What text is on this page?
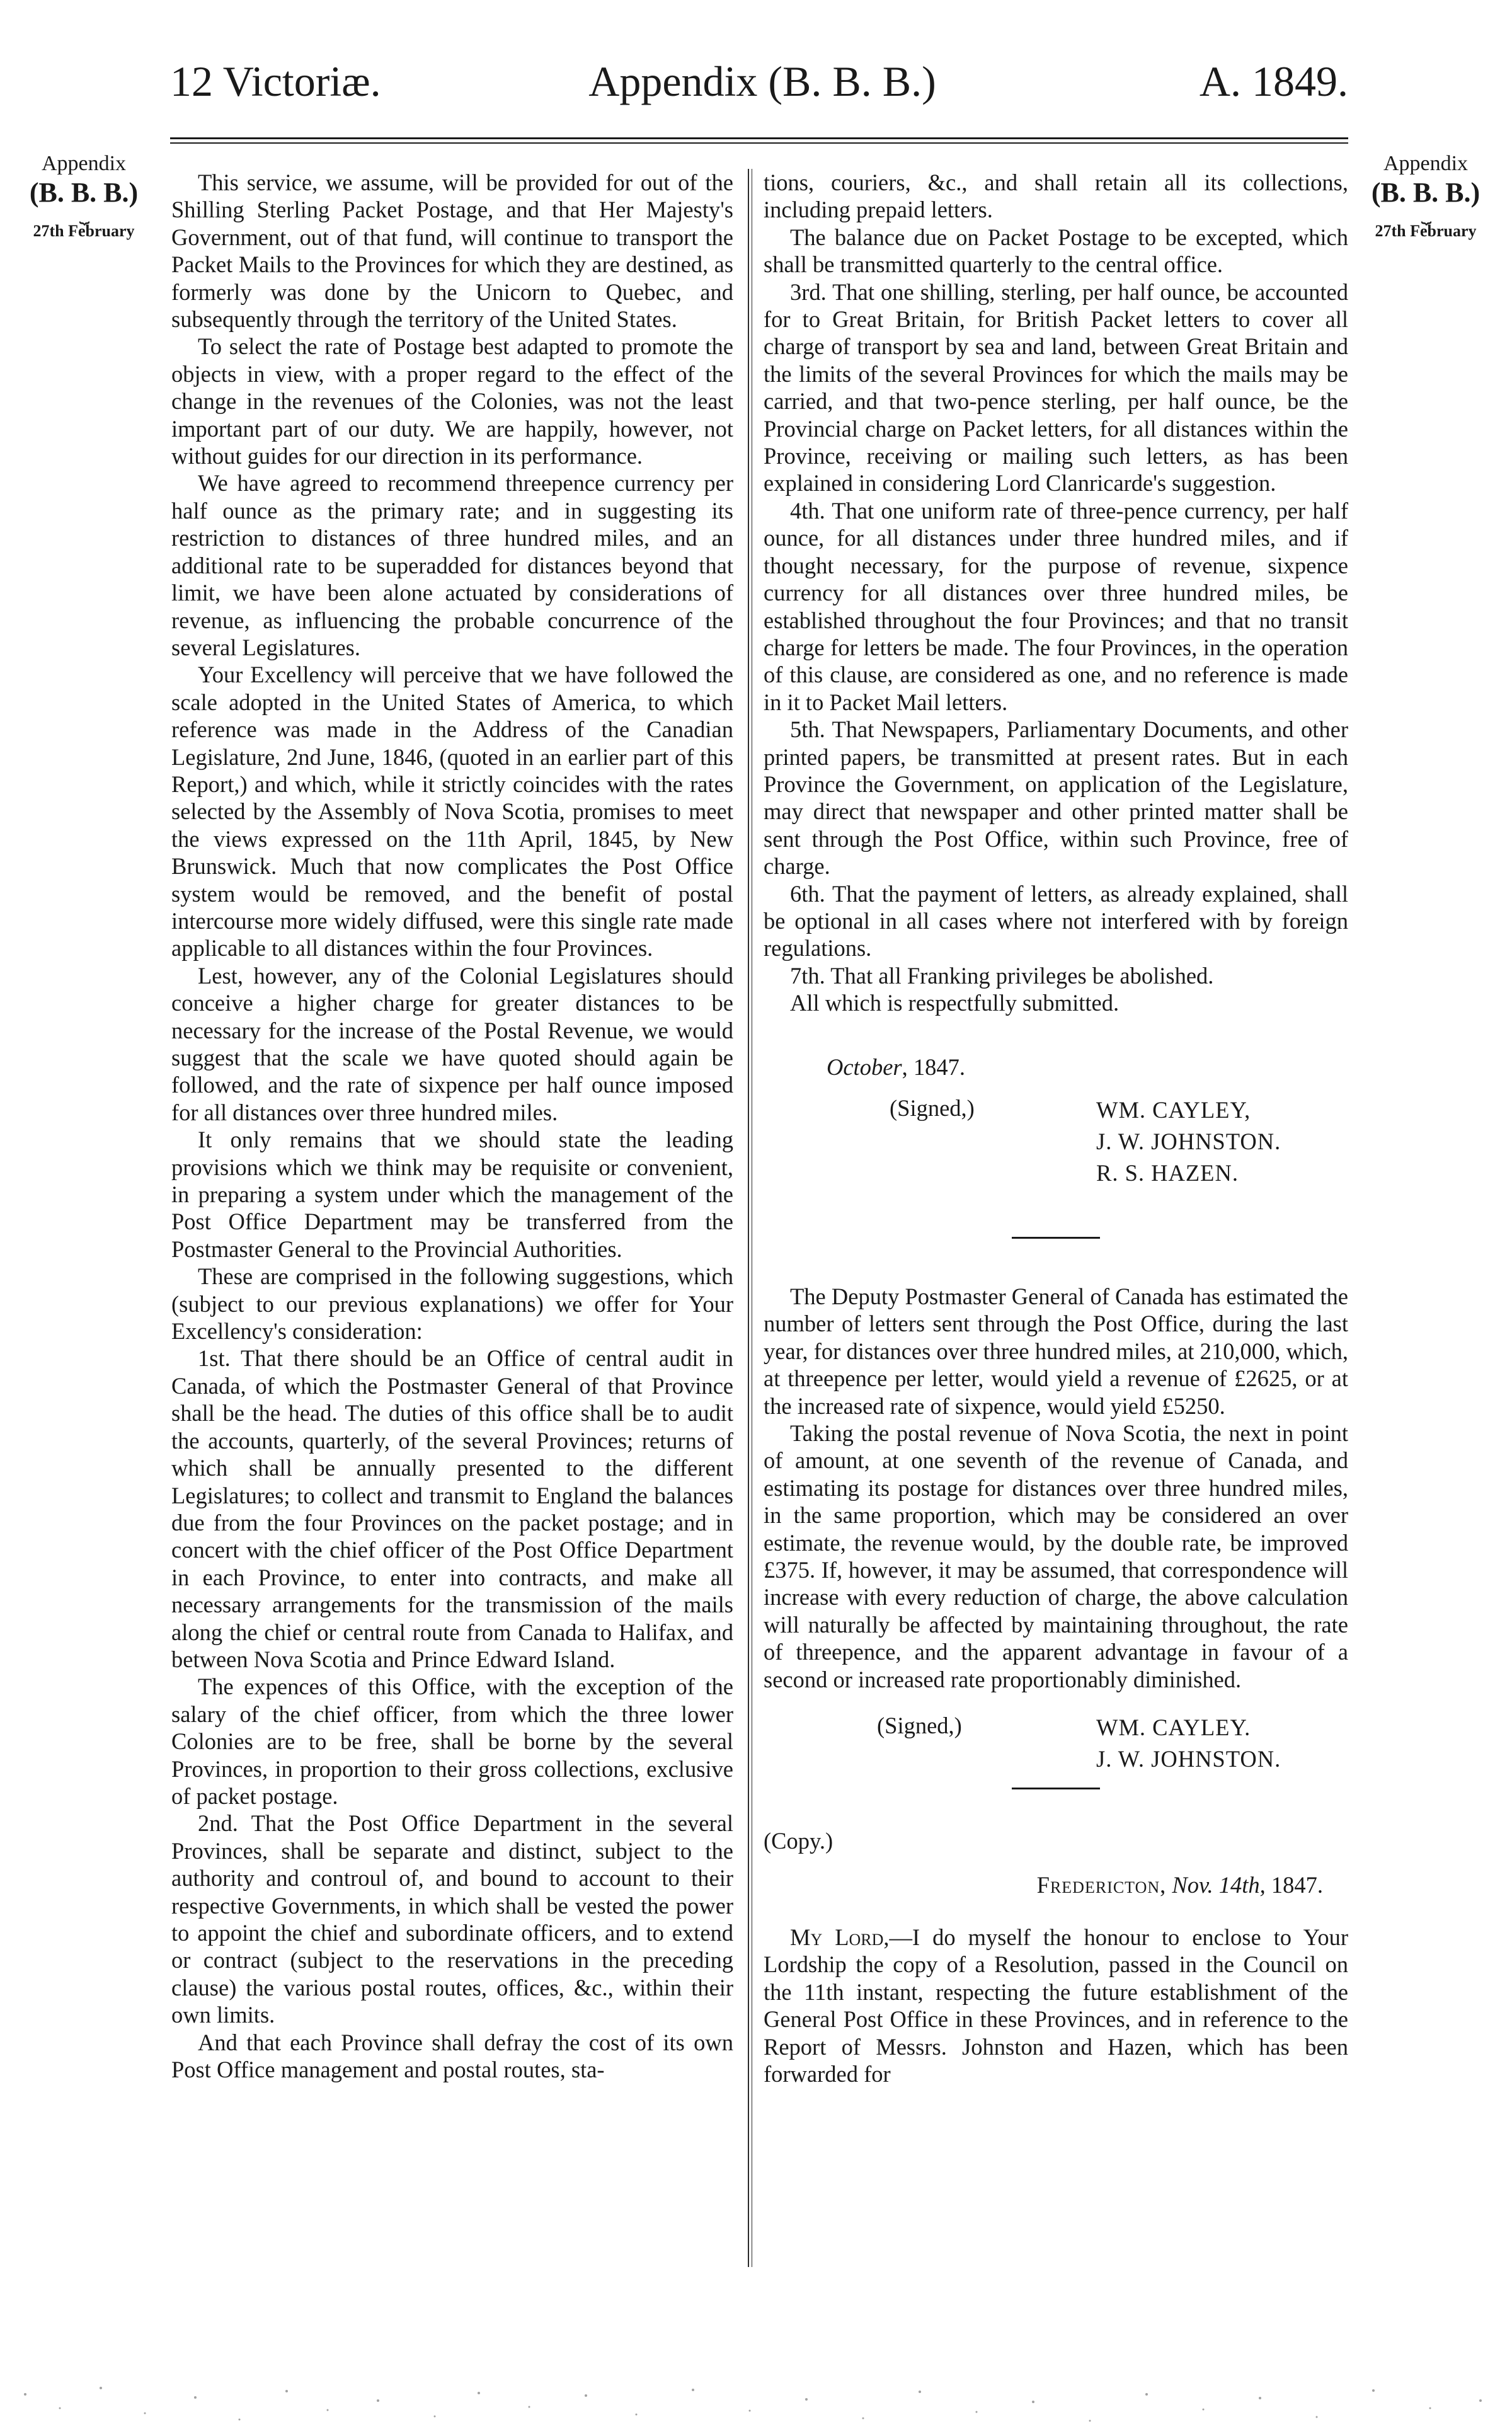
12 Victoriæ.	Appendix (B. B. B.)	A. 1849.
Appendix
(B. B. B.)
⏟
27th February
Appendix
(B. B. B.)
⏟
27th February

This service, we assume, will be provided for out of the Shilling Sterling Packet Postage, and that Her Majesty's Government, out of that fund, will continue to transport the Packet Mails to the Provinces for which they are destined, as formerly was done by the Unicorn to Quebec, and subsequently through the territory of the United States.

To select the rate of Postage best adapted to promote the objects in view, with a proper regard to the effect of the change in the revenues of the Colonies, was not the least important part of our duty. We are happily, however, not without guides for our direction in its performance.

We have agreed to recommend threepence currency per half ounce as the primary rate; and in suggesting its restriction to distances of three hundred miles, and an additional rate to be superadded for distances beyond that limit, we have been alone actuated by considerations of revenue, as influencing the probable concurrence of the several Legislatures.

Your Excellency will perceive that we have followed the scale adopted in the United States of America, to which reference was made in the Address of the Canadian Legislature, 2nd June, 1846, (quoted in an earlier part of this Report,) and which, while it strictly coincides with the rates selected by the Assembly of Nova Scotia, promises to meet the views expressed on the 11th April, 1845, by New Brunswick. Much that now complicates the Post Office system would be removed, and the benefit of postal intercourse more widely diffused, were this single rate made applicable to all distances within the four Provinces.

Lest, however, any of the Colonial Legislatures should conceive a higher charge for greater distances to be necessary for the increase of the Postal Revenue, we would suggest that the scale we have quoted should again be followed, and the rate of sixpence per half ounce imposed for all distances over three hundred miles.

It only remains that we should state the leading provisions which we think may be requisite or convenient, in preparing a system under which the management of the Post Office Department may be transferred from the Postmaster General to the Provincial Authorities.

These are comprised in the following suggestions, which (subject to our previous explanations) we offer for Your Excellency's consideration:

1st. That there should be an Office of central audit in Canada, of which the Postmaster General of that Province shall be the head. The duties of this office shall be to audit the accounts, quarterly, of the several Provinces; returns of which shall be annually presented to the different Legislatures; to collect and transmit to England the balances due from the four Provinces on the packet postage; and in concert with the chief officer of the Post Office Department in each Province, to enter into contracts, and make all necessary arrangements for the transmission of the mails along the chief or central route from Canada to Halifax, and between Nova Scotia and Prince Edward Island.

The expences of this Office, with the exception of the salary of the chief officer, from which the three lower Colonies are to be free, shall be borne by the several Provinces, in proportion to their gross collections, exclusive of packet postage.

2nd. That the Post Office Department in the several Provinces, shall be separate and distinct, subject to the authority and controul of, and bound to account to their respective Governments, in which shall be vested the power to appoint the chief and subordinate officers, and to extend or contract (subject to the reservations in the preceding clause) the various postal routes, offices, &c., within their own limits.

And that each Province shall defray the cost of its own Post Office management and postal routes, sta-

tions, couriers, &c., and shall retain all its collections, including prepaid letters.

The balance due on Packet Postage to be excepted, which shall be transmitted quarterly to the central office.

3rd. That one shilling, sterling, per half ounce, be accounted for to Great Britain, for British Packet letters to cover all charge of transport by sea and land, between Great Britain and the limits of the several Provinces for which the mails may be carried, and that two-pence sterling, per half ounce, be the Provincial charge on Packet letters, for all distances within the Province, receiving or mailing such letters, as has been explained in considering Lord Clanricarde's suggestion.

4th. That one uniform rate of three-pence currency, per half ounce, for all distances under three hundred miles, and if thought necessary, for the purpose of revenue, sixpence currency for all distances over three hundred miles, be established throughout the four Provinces; and that no transit charge for letters be made. The four Provinces, in the operation of this clause, are considered as one, and no reference is made in it to Packet Mail letters.

5th. That Newspapers, Parliamentary Documents, and other printed papers, be transmitted at present rates. But in each Province the Government, on application of the Legislature, may direct that newspaper and other printed matter shall be sent through the Post Office, within such Province, free of charge.

6th. That the payment of letters, as already explained, shall be optional in all cases where not interfered with by foreign regulations.

7th. That all Franking privileges be abolished.

All which is respectfully submitted.

October, 1847.

(Signed,)	WM. CAYLEY,
J. W. JOHNSTON.
R. S. HAZEN.

The Deputy Postmaster General of Canada has estimated the number of letters sent through the Post Office, during the last year, for distances over three hundred miles, at 210,000, which, at threepence per letter, would yield a revenue of £2625, or at the increased rate of sixpence, would yield £5250.

Taking the postal revenue of Nova Scotia, the next in point of amount, at one seventh of the revenue of Canada, and estimating its postage for distances over three hundred miles, in the same proportion, which may be considered an over estimate, the revenue would, by the double rate, be improved £375. If, however, it may be assumed, that correspondence will increase with every reduction of charge, the above calculation will naturally be affected by maintaining throughout, the rate of threepence, and the apparent advantage in favour of a second or increased rate proportionably diminished.

(Signed,)	WM. CAYLEY.
J. W. JOHNSTON.

(Copy.)

Fredericton, Nov. 14th, 1847.

My Lord,—I do myself the honour to enclose to Your Lordship the copy of a Resolution, passed in the Council on the 11th instant, respecting the future establishment of the General Post Office in these Provinces, and in reference to the Report of Messrs. Johnston and Hazen, which has been forwarded for
